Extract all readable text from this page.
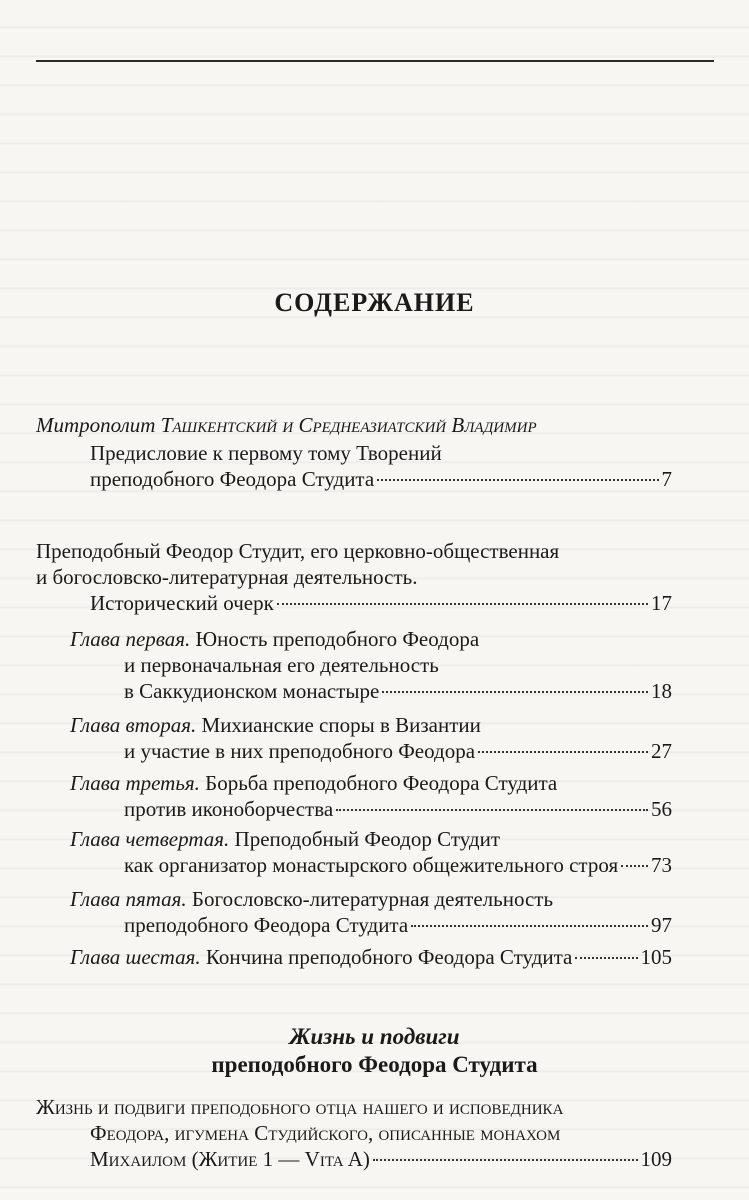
СОДЕРЖАНИЕ
Митрополит Ташкентский и Среднеазиатский Владимир
Предисловие к первому тому Творений
преподобного Феодора Студита	7
Преподобный Феодор Студит, его церковно-общественная
и богословско-литературная деятельность.
Исторический очерк	17
Глава первая. Юность преподобного Феодора
и первоначальная его деятельность
в Саккудионском монастыре	18
Глава вторая. Михианские споры в Византии
и участие в них преподобного Феодора	27
Глава третья. Борьба преподобного Феодора Студита
против иконоборчества	56
Глава четвертая. Преподобный Феодор Студит
как организатор монастырского общежительного строя 73
Глава пятая. Богословско-литературная деятельность
преподобного Феодора Студита	97
Глава шестая. Кончина преподобного Феодора Студита	105
Жизнь и подвиги
преподобного Феодора Студита
Жизнь и подвиги преподобного отца нашего и исповедника
Феодора, игумена Студийского, описанные монахом
Михаилом (Житие 1 — Vita A)	109
